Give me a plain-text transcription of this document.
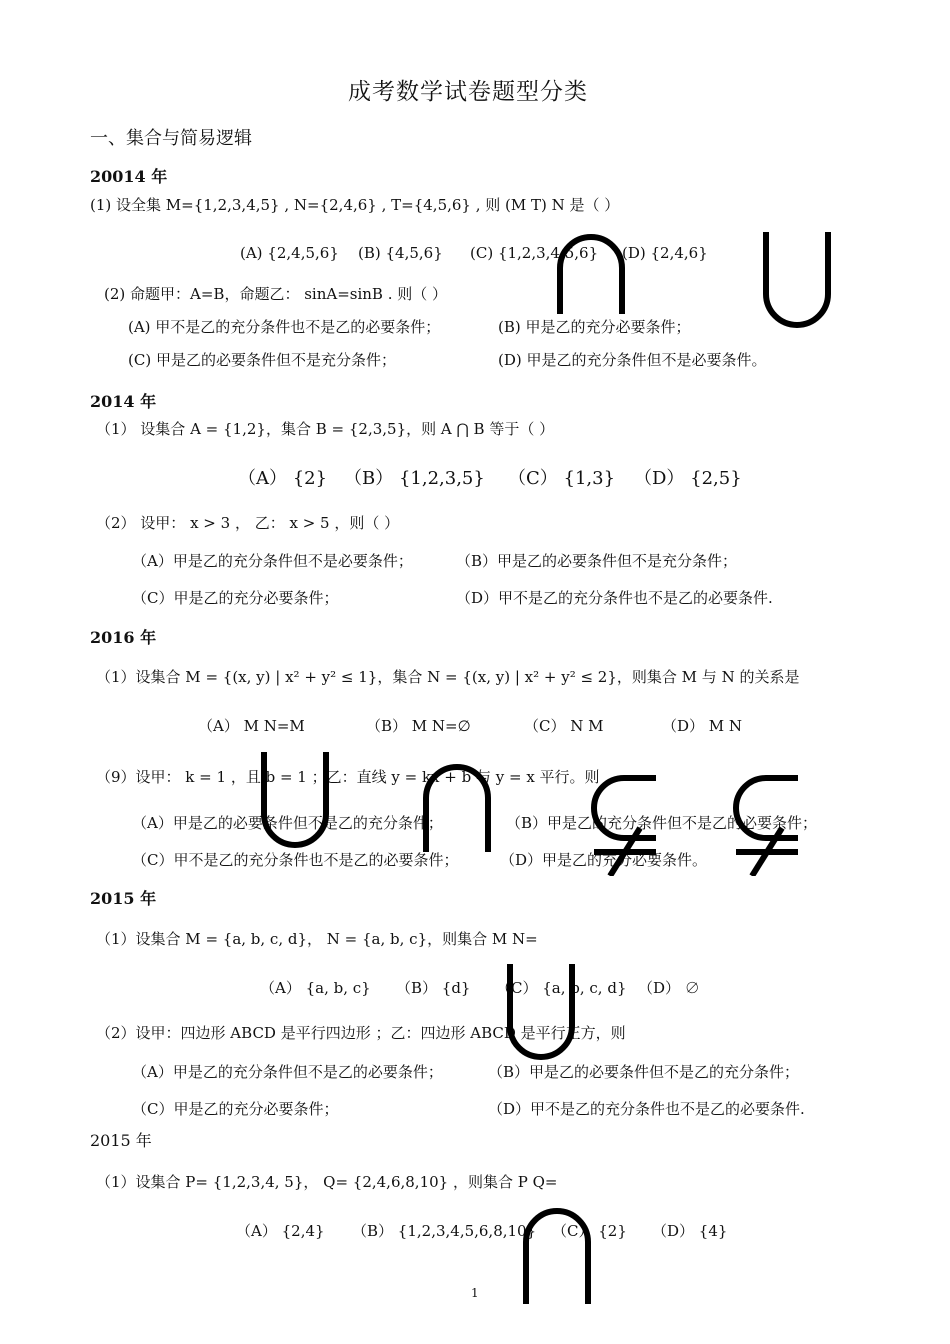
成考数学试卷题型分类
一、集合与简易逻辑
20014 年
(1) 设全集 M={1,2,3,4,5} , N={2,4,6} , T={4,5,6} , 则 (M T) N 是（ ）
(A) {2,4,5,6} (B) {4,5,6} (C) {1,2,3,4,5,6} (D) {2,4,6}
(2) 命题甲：A=B，命题乙： sinA=sinB . 则（ ）
(A) 甲不是乙的充分条件也不是乙的必要条件；	(B) 甲是乙的充分必要条件；
(C) 甲是乙的必要条件但不是充分条件；	(D) 甲是乙的充分条件但不是必要条件。
2014 年
（1） 设集合 A = {1,2}，集合 B = {2,3,5}，则 A ⋂ B 等于（ ）
（A） {2} （B） {1,2,3,5} （C） {1,3} （D） {2,5}
（2） 设甲： x > 3 ， 乙： x > 5 ，则（ ）
（A）甲是乙的充分条件但不是必要条件；	（B）甲是乙的必要条件但不是充分条件；
（C）甲是乙的充分必要条件；	（D）甲不是乙的充分条件也不是乙的必要条件.
2016 年
（1）设集合 M = {(x, y) | x² + y² ≤ 1}，集合 N = {(x, y) | x² + y² ≤ 2}，则集合 M 与 N 的关系是
（A） M N=M	（B） M N=∅	（C） N M	（D） M N
（9）设甲： k = 1 ，且 b = 1 ；乙：直线 y = kx + b 与 y = x 平行。则
（A）甲是乙的必要条件但不是乙的充分条件；	（B）甲是乙的充分条件但不是乙的必要条件；
（C）甲不是乙的充分条件也不是乙的必要条件；	（D）甲是乙的充分必要条件。
2015 年
（1）设集合 M = {a, b, c, d}， N = {a, b, c}，则集合 M N=
（A） {a, b, c} （B） {d} （C） {a, b, c, d} （D） ∅
（2）设甲：四边形 ABCD 是平行四边形 ；乙：四边形 ABCD 是平行正方，则
（A）甲是乙的充分条件但不是乙的必要条件；	（B）甲是乙的必要条件但不是乙的充分条件；
（C）甲是乙的充分必要条件；	（D）甲不是乙的充分条件也不是乙的必要条件.
2015 年
（1）设集合 P= {1,2,3,4, 5}， Q= {2,4,6,8,10} ，则集合 P Q=
（A） {2,4} （B） {1,2,3,4,5,6,8,10} （C） {2} （D） {4}
1
